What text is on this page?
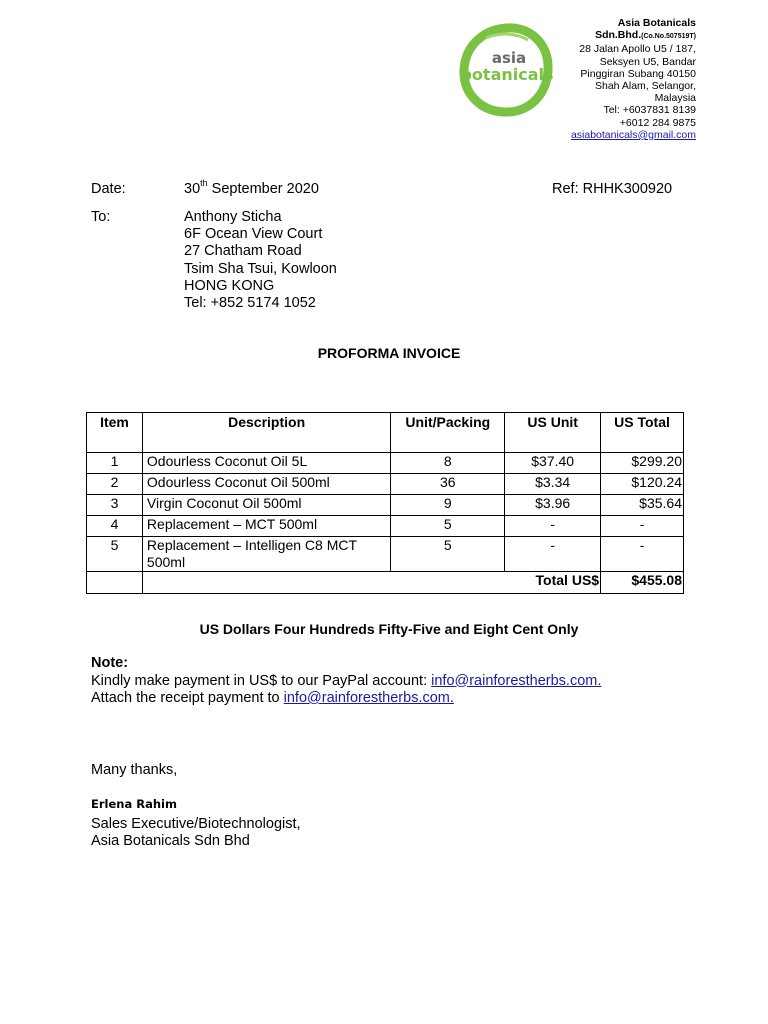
asia
botanicals
Asia Botanicals
Sdn.Bhd.(Co.No.507519T)
28 Jalan Apollo U5 / 187,
Seksyen U5, Bandar
Pinggiran Subang 40150
Shah Alam, Selangor,
Malaysia
Tel: +6037831 8139
+6012 284 9875
asiabotanicals@gmail.com
Date:	30th September 2020	Ref: RHHK300920
To:	Anthony Sticha
6F Ocean View Court
27 Chatham Road
Tsim Sha Tsui, Kowloon
HONG KONG
Tel: +852 5174 1052
PROFORMA INVOICE
Item	Description	Unit/Packing	US Unit	US Total
1	Odourless Coconut Oil 5L	8	$37.40	$299.20
2	Odourless Coconut Oil 500ml	36	$3.34	$120.24
3	Virgin Coconut Oil 500ml	9	$3.96	$35.64
4	Replacement – MCT 500ml	5	-	-
5	Replacement – Intelligen C8 MCT 500ml	5	-	-
			Total US$	$455.08
US Dollars Four Hundreds Fifty-Five and Eight Cent Only
Note:
Kindly make payment in US$ to our PayPal account: info@rainforestherbs.com.
Attach the receipt payment to info@rainforestherbs.com.
Many thanks,
Erlena Rahim
Sales Executive/Biotechnologist,
Asia Botanicals Sdn Bhd
